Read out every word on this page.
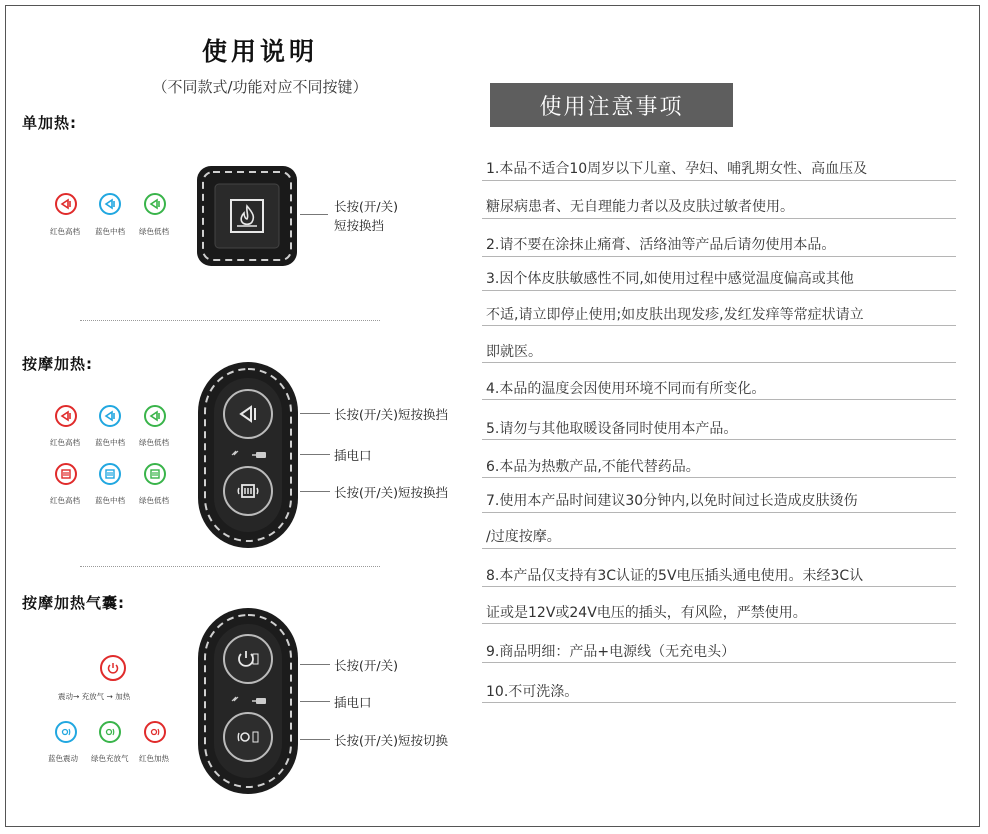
使用说明
（不同款式/功能对应不同按键）
单加热:
红色高档 蓝色中档 绿色低档
长按(开/关)
短按换挡
按摩加热:
红色高档 蓝色中档 绿色低档
红色高档 蓝色中档 绿色低档
长按(开/关)短按换挡
插电口
长按(开/关)短按换挡
按摩加热气囊:
震动→ 充放气 → 加热
蓝色震动 绿色充放气 红色加热
长按(开/关)
插电口
长按(开/关)短按切换
使用注意事项
1.本品不适合10周岁以下儿童、孕妇、哺乳期女性、高血压及
糖尿病患者、无自理能力者以及皮肤过敏者使用。
2.请不要在涂抹止痛膏、活络油等产品后请勿使用本品。
3.因个体皮肤敏感性不同,如使用过程中感觉温度偏高或其他
不适,请立即停止使用;如皮肤出现发疹,发红发痒等常症状请立
即就医。
4.本品的温度会因使用环境不同而有所变化。
5.请勿与其他取暖设备同时使用本产品。
6.本品为热敷产品,不能代替药品。
7.使用本产品时间建议30分钟内,以免时间过长造成皮肤烫伤
/过度按摩。
8.本产品仅支持有3C认证的5V电压插头通电使用。未经3C认
证或是12V或24V电压的插头，有风险，严禁使用。
9.商品明细：产品+电源线（无充电头）
10.不可洗涤。
